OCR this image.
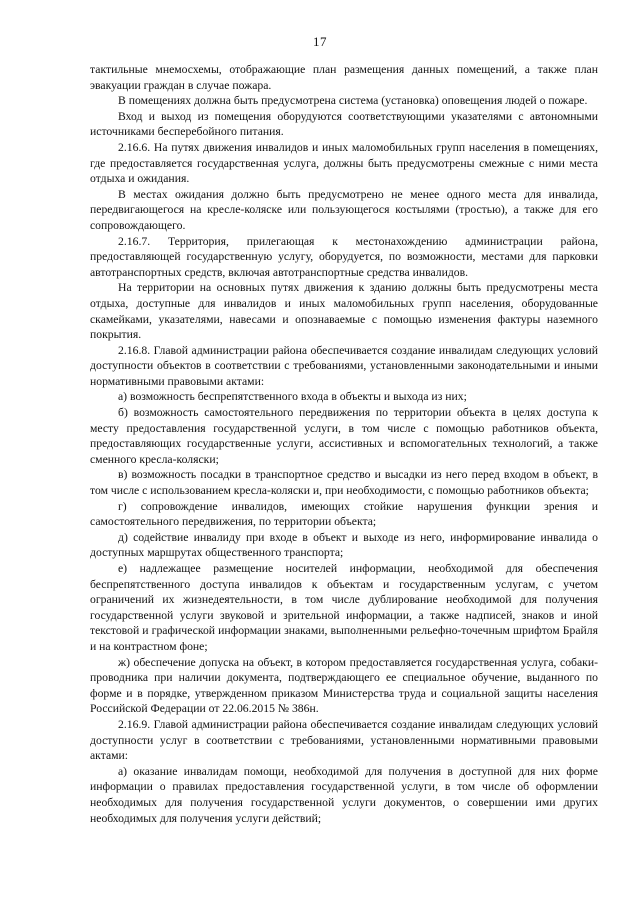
17

тактильные мнемосхемы, отображающие план размещения данных помещений, а также план эвакуации граждан в случае пожара.

В помещениях должна быть предусмотрена система (установка) оповещения людей о пожаре.

Вход и выход из помещения оборудуются соответствующими указателями с автономными источниками бесперебойного питания.

2.16.6. На путях движения инвалидов и иных маломобильных групп населения в помещениях, где предоставляется государственная услуга, должны быть предусмотрены смежные с ними места отдыха и ожидания.

В местах ожидания должно быть предусмотрено не менее одного места для инвалида, передвигающегося на кресле-коляске или пользующегося костылями (тростью), а также для его сопровождающего.

2.16.7. Территория, прилегающая к местонахождению администрации района, предоставляющей государственную услугу, оборудуется, по возможности, местами для парковки автотранспортных средств, включая автотранспортные средства инвалидов.

На территории на основных путях движения к зданию должны быть предусмотрены места отдыха, доступные для инвалидов и иных маломобильных групп населения, оборудованные скамейками, указателями, навесами и опознаваемые с помощью изменения фактуры наземного покрытия.

2.16.8. Главой администрации района обеспечивается создание инвалидам следующих условий доступности объектов в соответствии с требованиями, установленными законодательными и иными нормативными правовыми актами:

а) возможность беспрепятственного входа в объекты и выхода из них;

б) возможность самостоятельного передвижения по территории объекта в целях доступа к месту предоставления государственной услуги, в том числе с помощью работников объекта, предоставляющих государственные услуги, ассистивных и вспомогательных технологий, а также сменного кресла-коляски;

в) возможность посадки в транспортное средство и высадки из него перед входом в объект, в том числе с использованием кресла-коляски и, при необходимости, с помощью работников объекта;

г) сопровождение инвалидов, имеющих стойкие нарушения функции зрения и самостоятельного передвижения, по территории объекта;

д) содействие инвалиду при входе в объект и выходе из него, информирование инвалида о доступных маршрутах общественного транспорта;

е) надлежащее размещение носителей информации, необходимой для обеспечения беспрепятственного доступа инвалидов к объектам и государственным услугам, с учетом ограничений их жизнедеятельности, в том числе дублирование необходимой для получения государственной услуги звуковой и зрительной информации, а также надписей, знаков и иной текстовой и графической информации знаками, выполненными рельефно-точечным шрифтом Брайля и на контрастном фоне;

ж) обеспечение допуска на объект, в котором предоставляется государственная услуга, собаки-проводника при наличии документа, подтверждающего ее специальное обучение, выданного по форме и в порядке, утвержденном приказом Министерства труда и социальной защиты населения Российской Федерации от 22.06.2015 № 386н.

2.16.9. Главой администрации района обеспечивается создание инвалидам следующих условий доступности услуг в соответствии с требованиями, установленными нормативными правовыми актами:

а) оказание инвалидам помощи, необходимой для получения в доступной для них форме информации о правилах предоставления государственной услуги, в том числе об оформлении необходимых для получения государственной услуги документов, о совершении ими других необходимых для получения услуги действий;
